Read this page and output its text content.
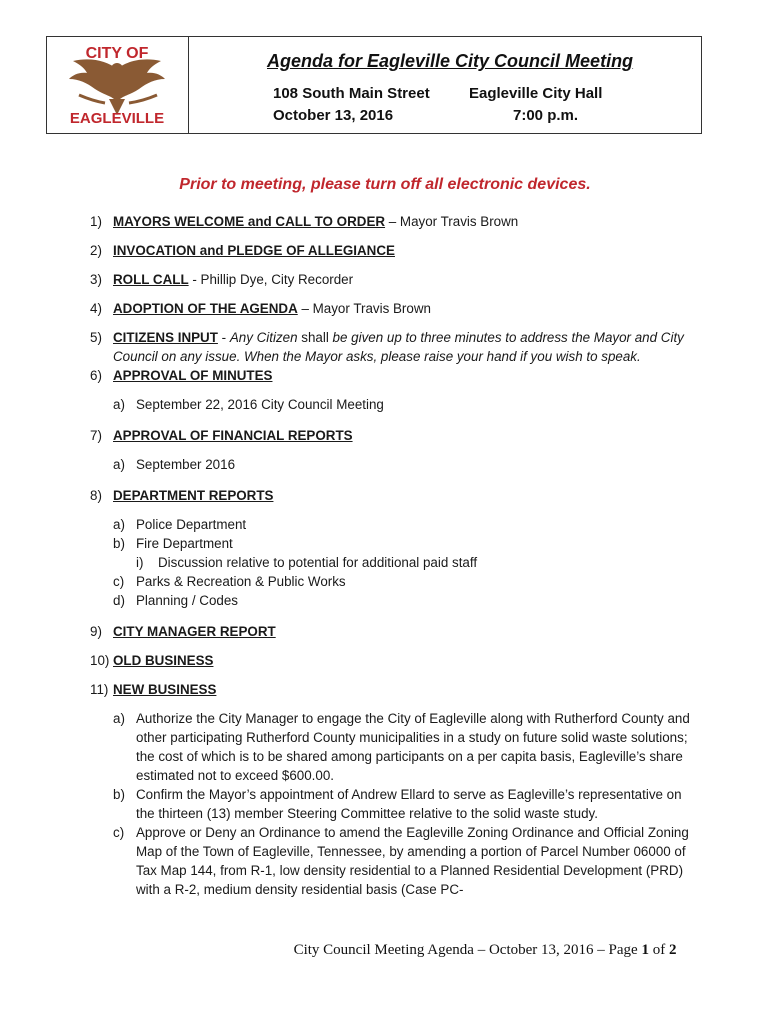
CITY OF
EAGLEVILLE
Agenda for Eagleville City Council Meeting
108 South Main Street	Eagleville City Hall
October 13, 2016	7:00 p.m.
Prior to meeting, please turn off all electronic devices.
1) MAYORS WELCOME and CALL TO ORDER – Mayor Travis Brown
2) INVOCATION and PLEDGE OF ALLEGIANCE
3) ROLL CALL - Phillip Dye, City Recorder
4) ADOPTION OF THE AGENDA – Mayor Travis Brown
5) CITIZENS INPUT - Any Citizen shall be given up to three minutes to address the Mayor and City Council on any issue. When the Mayor asks, please raise your hand if you wish to speak.
6) APPROVAL OF MINUTES
a) September 22, 2016 City Council Meeting
7) APPROVAL OF FINANCIAL REPORTS
a) September 2016
8) DEPARTMENT REPORTS
a) Police Department
b) Fire Department
i) Discussion relative to potential for additional paid staff
c) Parks & Recreation & Public Works
d) Planning / Codes
9) CITY MANAGER REPORT
10) OLD BUSINESS
11) NEW BUSINESS
a) Authorize the City Manager to engage the City of Eagleville along with Rutherford County and other participating Rutherford County municipalities in a study on future solid waste solutions; the cost of which is to be shared among participants on a per capita basis, Eagleville’s share estimated not to exceed $600.00.
b) Confirm the Mayor’s appointment of Andrew Ellard to serve as Eagleville’s representative on the thirteen (13) member Steering Committee relative to the solid waste study.
c) Approve or Deny an Ordinance to amend the Eagleville Zoning Ordinance and Official Zoning Map of the Town of Eagleville, Tennessee, by amending a portion of Parcel Number 06000 of Tax Map 144, from R-1, low density residential to a Planned Residential Development (PRD) with a R-2, medium density residential basis (Case PC-
City Council Meeting Agenda – October 13, 2016 – Page 1 of 2
